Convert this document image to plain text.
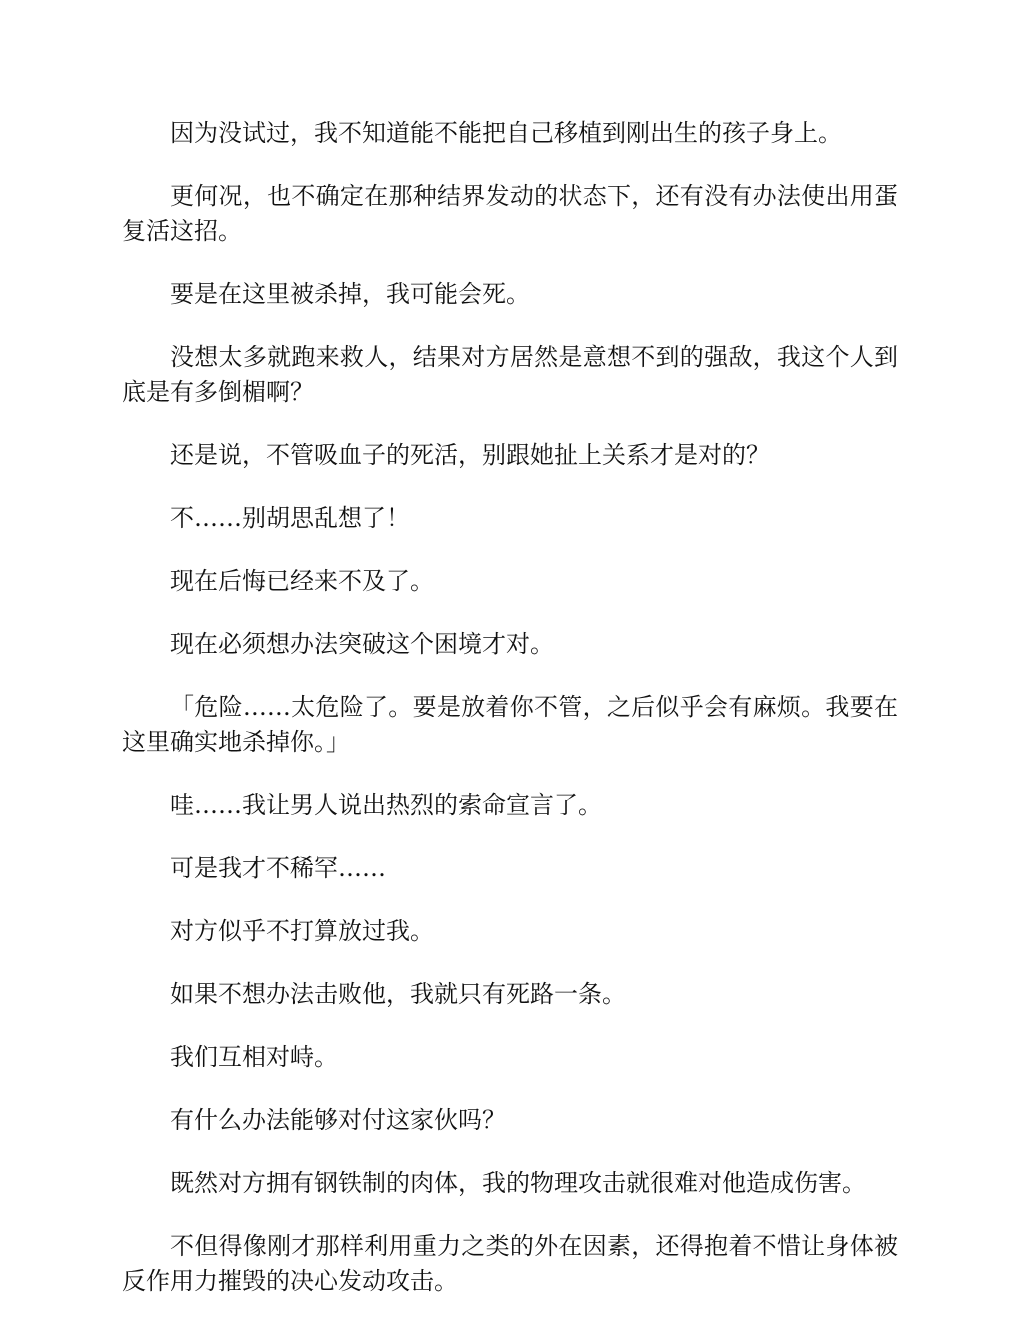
因为没试过，我不知道能不能把自己移植到刚出生的孩子身上。

更何况，也不确定在那种结界发动的状态下，还有没有办法使出用蛋复活这招。

要是在这里被杀掉，我可能会死。

没想太多就跑来救人，结果对方居然是意想不到的强敌，我这个人到底是有多倒楣啊？

还是说，不管吸血子的死活，别跟她扯上关系才是对的？

不……别胡思乱想了！

现在后悔已经来不及了。

现在必须想办法突破这个困境才对。

「危险……太危险了。要是放着你不管，之后似乎会有麻烦。我要在这里确实地杀掉你。」

哇……我让男人说出热烈的索命宣言了。

可是我才不稀罕……

对方似乎不打算放过我。

如果不想办法击败他，我就只有死路一条。

我们互相对峙。

有什么办法能够对付这家伙吗？

既然对方拥有钢铁制的肉体，我的物理攻击就很难对他造成伤害。

不但得像刚才那样利用重力之类的外在因素，还得抱着不惜让身体被反作用力摧毁的决心发动攻击。
